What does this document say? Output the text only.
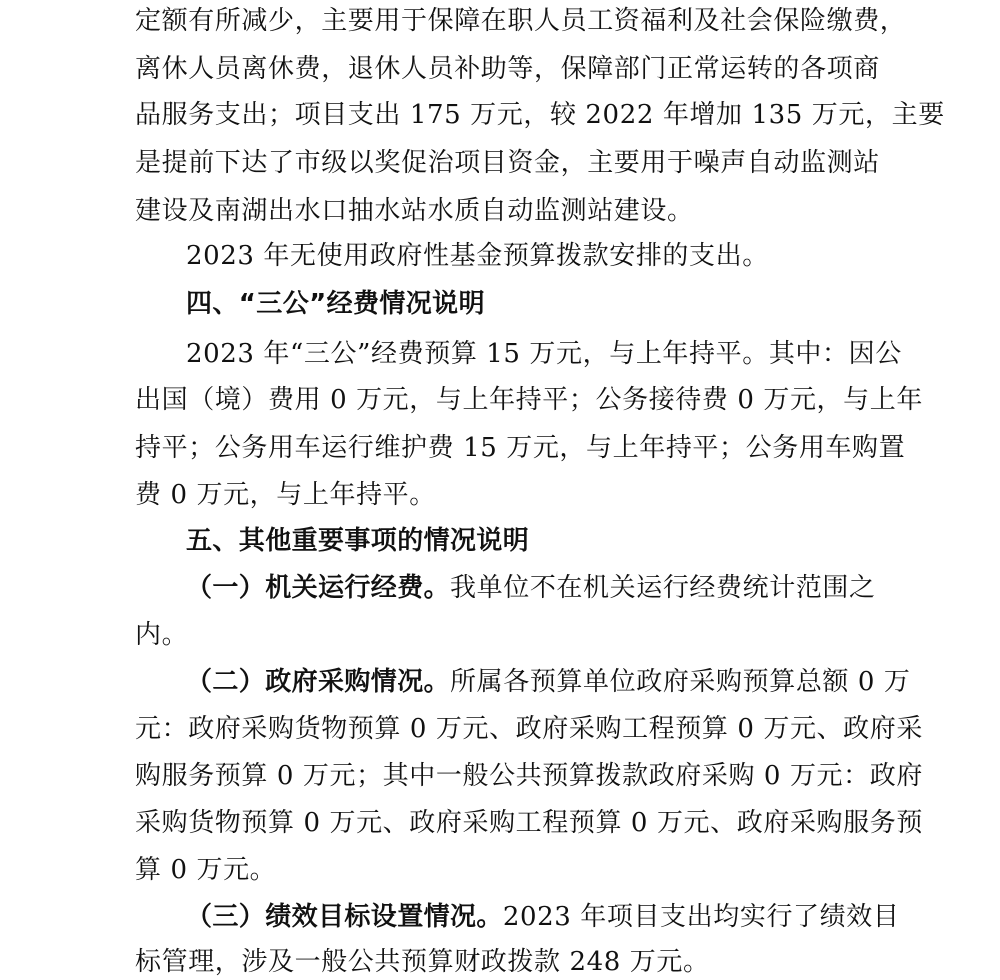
定额有所减少，主要用于保障在职人员工资福利及社会保险缴费，
离休人员离休费，退休人员补助等，保障部门正常运转的各项商
品服务支出；项目支出 175 万元，较 2022 年增加 135 万元，主要
是提前下达了市级以奖促治项目资金，主要用于噪声自动监测站
建设及南湖出水口抽水站水质自动监测站建设。
2023 年无使用政府性基金预算拨款安排的支出。
四、“三公”经费情况说明
2023 年“三公”经费预算 15 万元，与上年持平。其中：因公
出国（境）费用 0 万元，与上年持平；公务接待费 0 万元，与上年
持平；公务用车运行维护费 15 万元，与上年持平；公务用车购置
费 0 万元，与上年持平。
五、其他重要事项的情况说明
（一）机关运行经费。我单位不在机关运行经费统计范围之
内。
（二）政府采购情况。所属各预算单位政府采购预算总额 0 万
元：政府采购货物预算 0 万元、政府采购工程预算 0 万元、政府采
购服务预算 0 万元；其中一般公共预算拨款政府采购 0 万元：政府
采购货物预算 0 万元、政府采购工程预算 0 万元、政府采购服务预
算 0 万元。
（三）绩效目标设置情况。2023 年项目支出均实行了绩效目
标管理，涉及一般公共预算财政拨款 248 万元。
